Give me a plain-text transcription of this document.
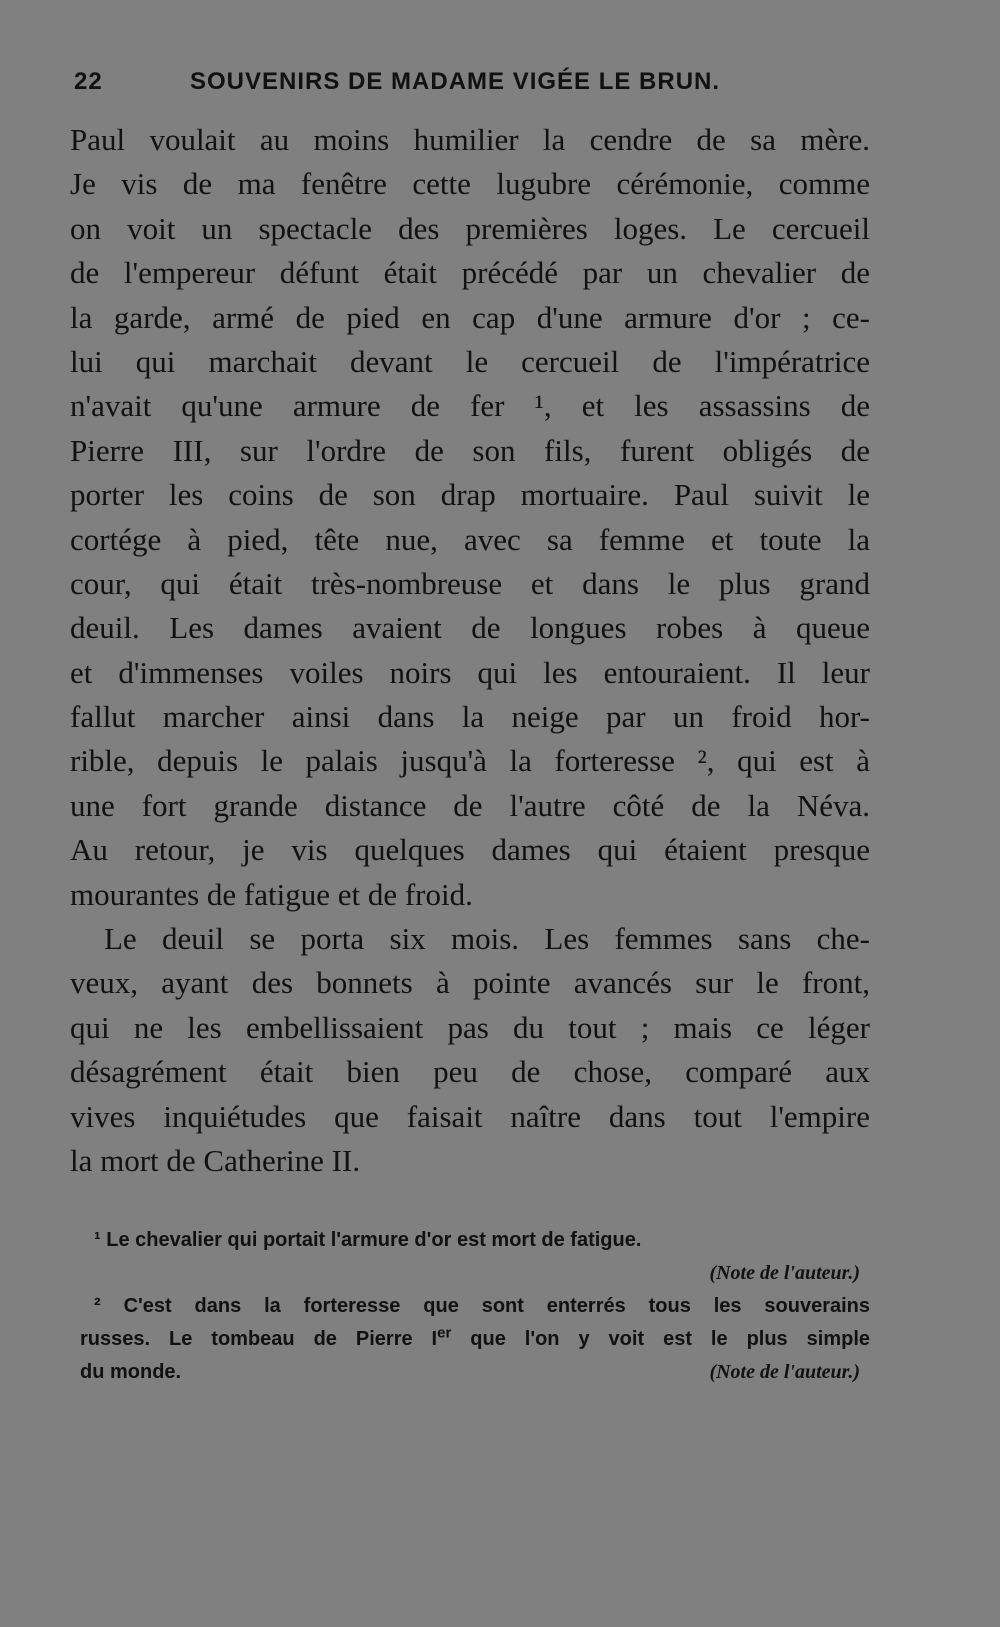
22	SOUVENIRS DE MADAME VIGÉE LE BRUN.
Paul voulait au moins humilier la cendre de sa mère.
Je vis de ma fenêtre cette lugubre cérémonie, comme
on voit un spectacle des premières loges. Le cercueil
de l'empereur défunt était précédé par un chevalier de
la garde, armé de pied en cap d'une armure d'or ; ce-
lui qui marchait devant le cercueil de l'impératrice
n'avait qu'une armure de fer ¹, et les assassins de
Pierre III, sur l'ordre de son fils, furent obligés de
porter les coins de son drap mortuaire. Paul suivit le
cortége à pied, tête nue, avec sa femme et toute la
cour, qui était très-nombreuse et dans le plus grand
deuil. Les dames avaient de longues robes à queue
et d'immenses voiles noirs qui les entouraient. Il leur
fallut marcher ainsi dans la neige par un froid hor-
rible, depuis le palais jusqu'à la forteresse ², qui est à
une fort grande distance de l'autre côté de la Néva.
Au retour, je vis quelques dames qui étaient presque
mourantes de fatigue et de froid.
Le deuil se porta six mois. Les femmes sans che-
veux, ayant des bonnets à pointe avancés sur le front,
qui ne les embellissaient pas du tout ; mais ce léger
désagrément était bien peu de chose, comparé aux
vives inquiétudes que faisait naître dans tout l'empire
la mort de Catherine II.
¹ Le chevalier qui portait l'armure d'or est mort de fatigue.
(Note de l'auteur.)
² C'est dans la forteresse que sont enterrés tous les souverains
russes. Le tombeau de Pierre Ier que l'on y voit est le plus simple
du monde.	(Note de l'auteur.)
